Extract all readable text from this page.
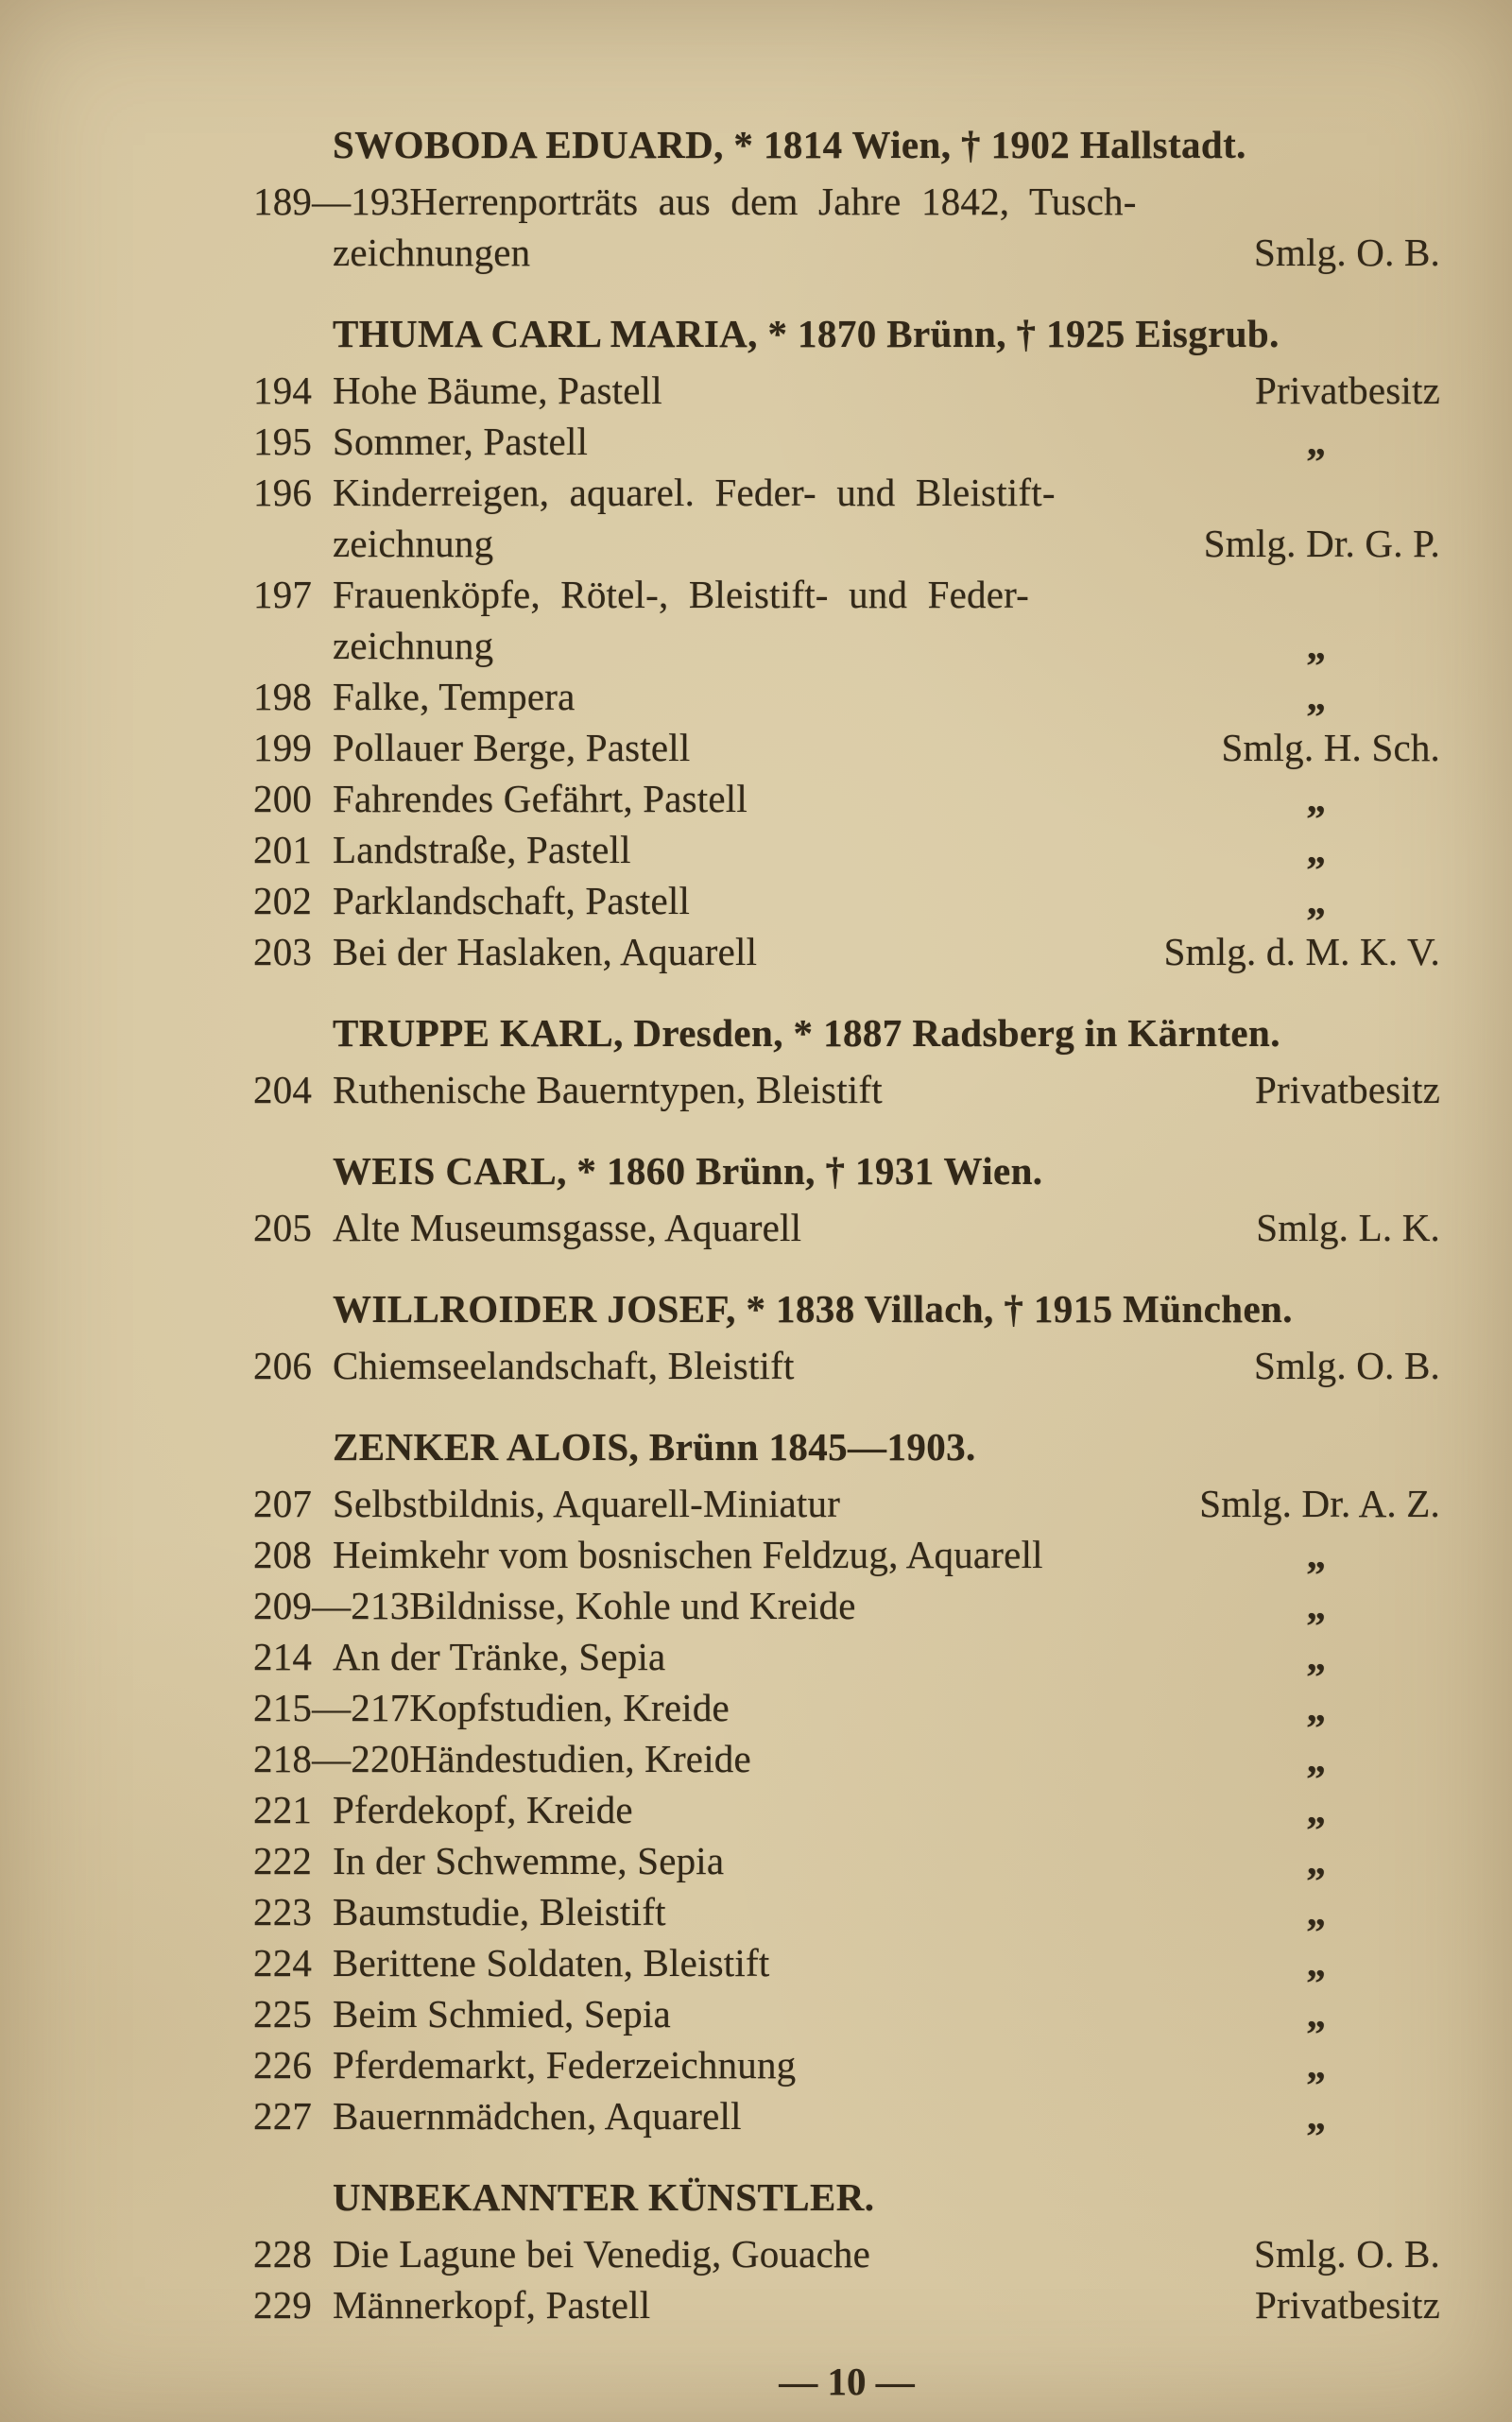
SWOBODA EDUARD, * 1814 Wien, † 1902 Hallstadt.
189—193 Herrenporträts aus dem Jahre 1842, Tusch-
zeichnungen	Smlg. O. B.
THUMA CARL MARIA, * 1870 Brünn, † 1925 Eisgrub.
194 Hohe Bäume, Pastell	Privatbesitz
195 Sommer, Pastell	„
196 Kinderreigen, aquarel. Feder- und Bleistift-
zeichnung	Smlg. Dr. G. P.
197 Frauenköpfe, Rötel-, Bleistift- und Feder-
zeichnung	„
198 Falke, Tempera	„
199 Pollauer Berge, Pastell	Smlg. H. Sch.
200 Fahrendes Gefährt, Pastell	„
201 Landstraße, Pastell	„
202 Parklandschaft, Pastell	„
203 Bei der Haslaken, Aquarell	Smlg. d. M. K. V.
TRUPPE KARL, Dresden, * 1887 Radsberg in Kärnten.
204 Ruthenische Bauerntypen, Bleistift	Privatbesitz
WEIS CARL, * 1860 Brünn, † 1931 Wien.
205 Alte Museumsgasse, Aquarell	Smlg. L. K.
WILLROIDER JOSEF, * 1838 Villach, † 1915 München.
206 Chiemseelandschaft, Bleistift	Smlg. O. B.
ZENKER ALOIS, Brünn 1845—1903.
207 Selbstbildnis, Aquarell-Miniatur	Smlg. Dr. A. Z.
208 Heimkehr vom bosnischen Feldzug, Aquarell	„
209—213 Bildnisse, Kohle und Kreide	„
214 An der Tränke, Sepia	„
215—217 Kopfstudien, Kreide	„
218—220 Händestudien, Kreide	„
221 Pferdekopf, Kreide	„
222 In der Schwemme, Sepia	„
223 Baumstudie, Bleistift	„
224 Berittene Soldaten, Bleistift	„
225 Beim Schmied, Sepia	„
226 Pferdemarkt, Federzeichnung	„
227 Bauernmädchen, Aquarell	„
UNBEKANNTER KÜNSTLER.
228 Die Lagune bei Venedig, Gouache	Smlg. O. B.
229 Männerkopf, Pastell	Privatbesitz
— 10 —
